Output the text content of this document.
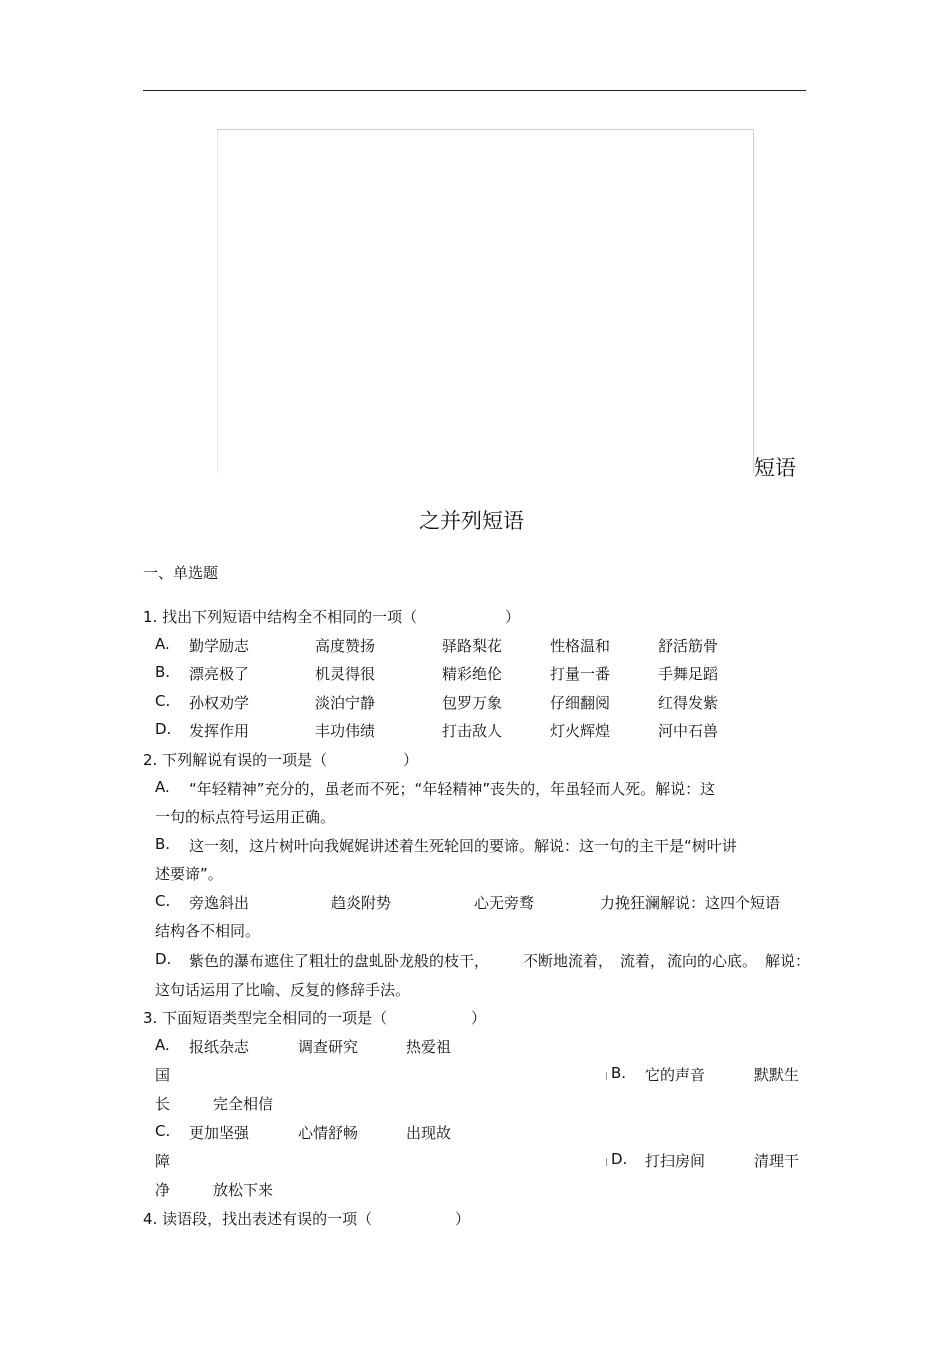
短语
之并列短语
一、单选题
1. 找出下列短语中结构全不相同的一项（	）
A. 勤学励志	高度赞扬	驿路梨花	性格温和	舒活筋骨
B. 漂亮极了	机灵得很	精彩绝伦	打量一番	手舞足蹈
C. 孙权劝学	淡泊宁静	包罗万象	仔细翻阅	红得发紫
D. 发挥作用	丰功伟绩	打击敌人	灯火辉煌	河中石兽
2. 下列解说有误的一项是（	）
A. “年轻精神”充分的，虽老而不死；“年轻精神”丧失的，年虽轻而人死。解说：这
一句的标点符号运用正确。
B. 这一刻，这片树叶向我娓娓讲述着生死轮回的要谛。解说：这一句的主干是“树叶讲
述要谛”。
C. 旁逸斜出	趋炎附势	心无旁骛	力挽狂澜解说：这四个短语
结构各不相同。
D. 紫色的瀑布遮住了粗壮的盘虬卧龙般的枝干， 不断地流着， 流着， 流向的心底。 解说：
这句话运用了比喻、反复的修辞手法。
3. 下面短语类型完全相同的一项是（	）
A. 报纸杂志	调查研究	热爱祖
国	B. 它的声音	默默生
长	完全相信
C. 更加坚强	心情舒畅	出现故
障	D. 打扫房间	清理干
净	放松下来
4. 读语段，找出表述有误的一项（	）
